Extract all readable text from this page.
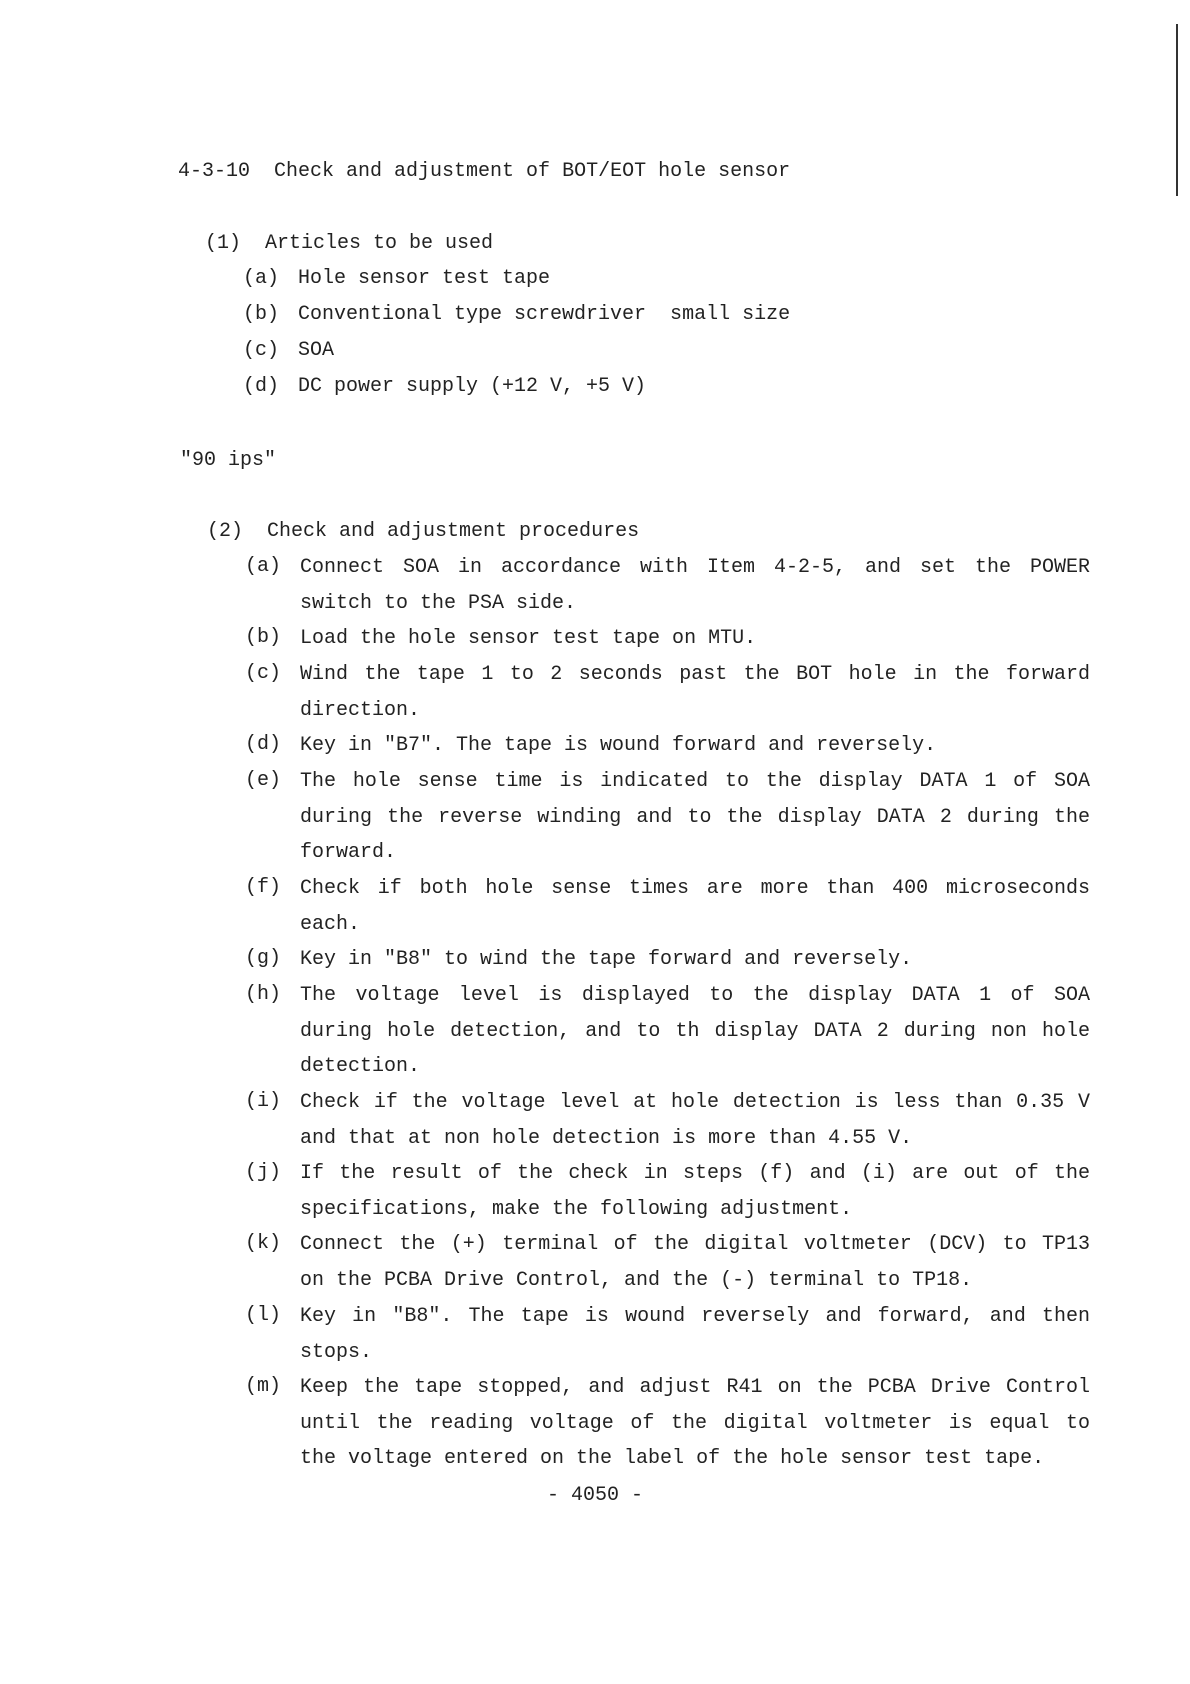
4-3-10  Check and adjustment of BOT/EOT hole sensor
(1)  Articles to be used
(a) Hole sensor test tape
(b) Conventional type screwdriver  small size
(c) SOA
(d) DC power supply (+12 V, +5 V)
"90 ips"
(2)  Check and adjustment procedures
(a) Connect SOA in accordance with Item 4-2-5, and set the POWER switch to the PSA side.
(b) Load the hole sensor test tape on MTU.
(c) Wind the tape 1 to 2 seconds past the BOT hole in the forward direction.
(d) Key in "B7". The tape is wound forward and reversely.
(e) The hole sense time is indicated to the display DATA 1 of SOA during the reverse winding and to the display DATA 2 during the forward.
(f) Check if both hole sense times are more than 400 microseconds each.
(g) Key in "B8" to wind the tape forward and reversely.
(h) The voltage level is displayed to the display DATA 1 of SOA during hole detection, and to th display DATA 2 during non hole detection.
(i) Check if the voltage level at hole detection is less than 0.35 V and that at non hole detection is more than 4.55 V.
(j) If the result of the check in steps (f) and (i) are out of the specifications, make the following adjustment.
(k) Connect the (+) terminal of the digital voltmeter (DCV) to TP13 on the PCBA Drive Control, and the (-) terminal to TP18.
(l) Key in "B8". The tape is wound reversely and forward, and then stops.
(m) Keep the tape stopped, and adjust R41 on the PCBA Drive Control until the reading voltage of the digital voltmeter is equal to the voltage entered on the label of the hole sensor test tape.
- 4050 -
